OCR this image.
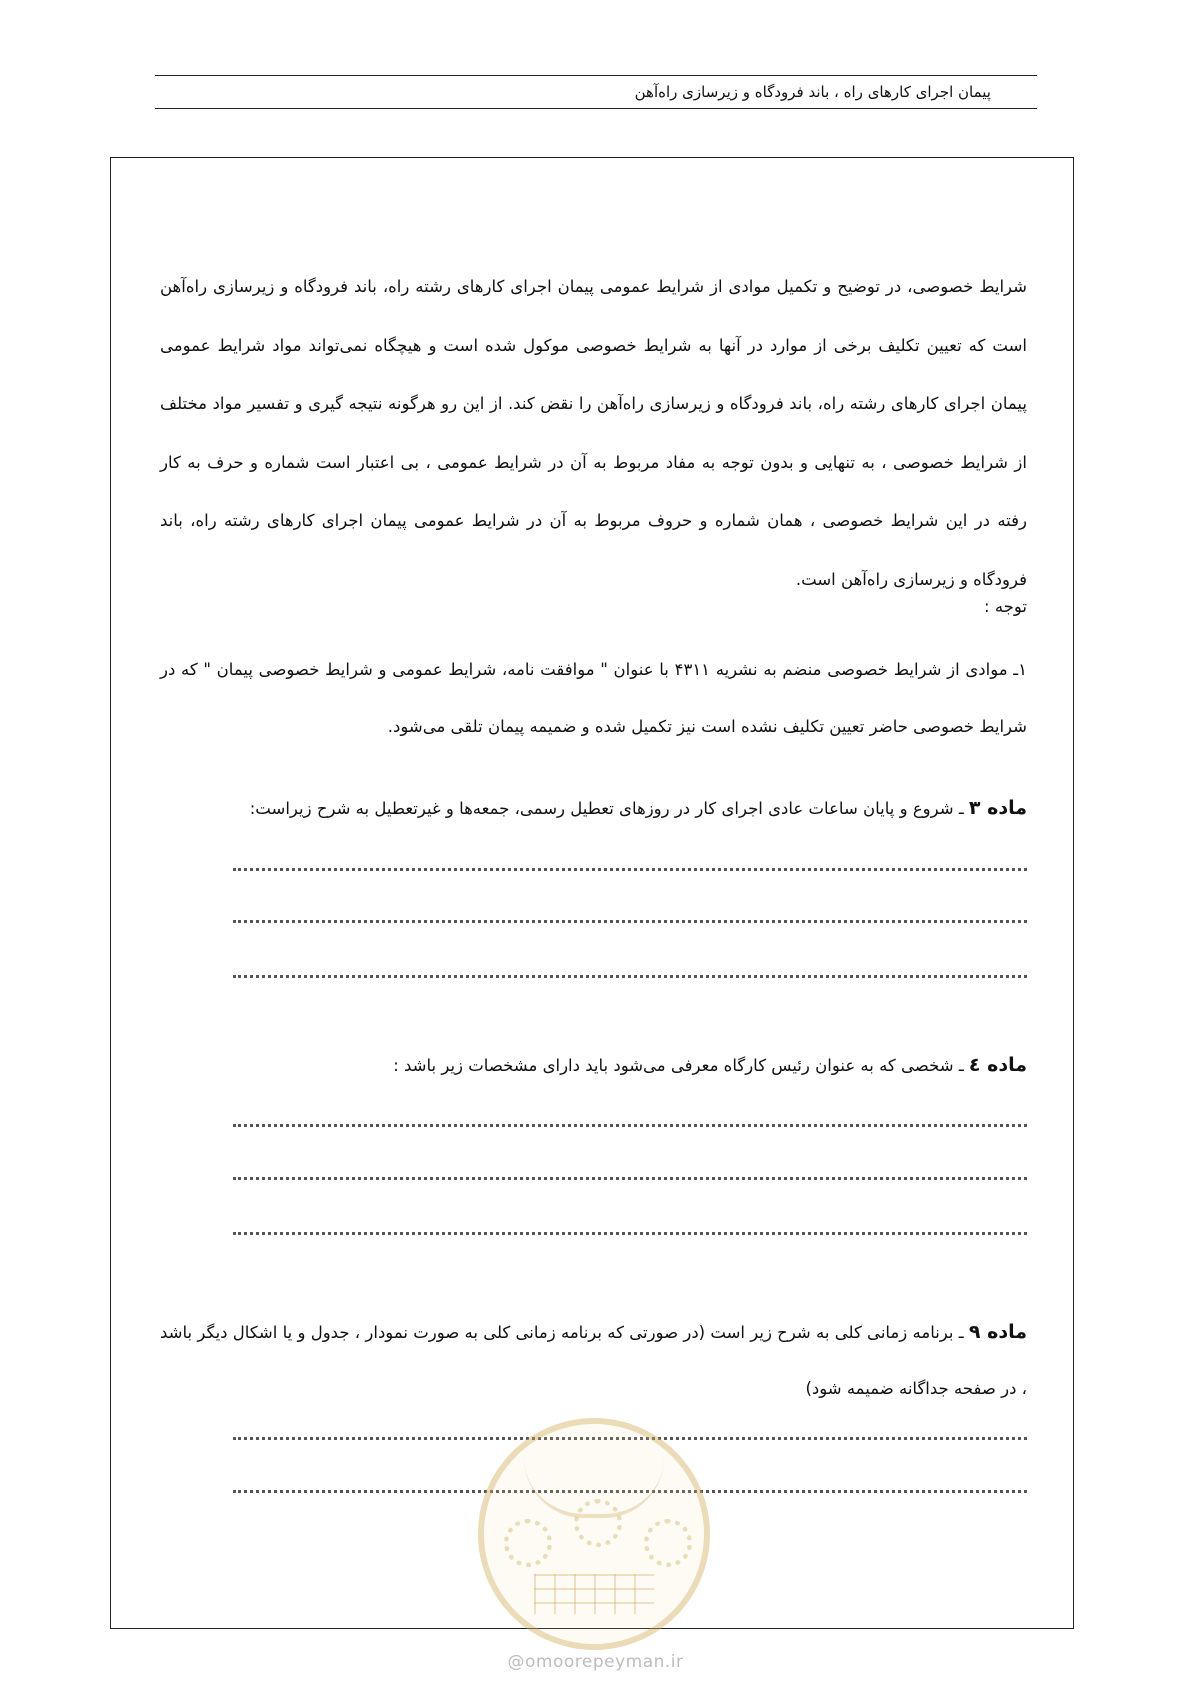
پیمان اجرای کارهای راه ، باند فرودگاه و زیرسازی راه‌آهن

شرایط خصوصی، در توضیح و تکمیل موادی از شرایط عمومی پیمان اجرای کارهای رشته راه، باند فرودگاه و زیرسازی راه‌آهن است که تعیین تکلیف برخی از موارد در آنها به شرایط خصوصی موکول شده است و هیچگاه نمی‌تواند مواد شرایط عمومی پیمان اجرای کارهای رشته راه، باند فرودگاه و زیرسازی راه‌آهن را نقض کند. از این رو هرگونه نتیجه گیری و تفسیر مواد مختلف از شرایط خصوصی ، به تنهایی و بدون توجه به مفاد مربوط به آن در شرایط عمومی ، بی اعتبار است شماره و حرف به کار رفته در این شرایط خصوصی ، همان شماره و حروف مربوط به آن در شرایط عمومی پیمان اجرای کارهای رشته راه، باند فرودگاه و زیرسازی راه‌آهن است.

توجه :
۱ـ موادی از شرایط خصوصی منضم به نشریه ۴۳۱۱ با عنوان " موافقت نامه، شرایط عمومی و شرایط خصوصی پیمان " که در شرایط خصوصی حاضر تعیین تکلیف نشده است نیز تکمیل شده و ضمیمه پیمان تلقی می‌شود.
ماده ۳ ـ شروع و پایان ساعات عادی اجرای کار در روزهای تعطیل رسمی، جمعه‌ها و غیرتعطیل به شرح زیراست:
ماده ٤ ـ شخصی که به عنوان رئیس کارگاه معرفی می‌شود باید دارای مشخصات زیر باشد :
ماده ۹ ـ برنامه زمانی کلی به شرح زیر است (در صورتی که برنامه زمانی کلی به صورت نمودار ، جدول و یا اشکال دیگر باشد ، در صفحه جداگانه ضمیمه شود)
@omoorepeyman.ir
